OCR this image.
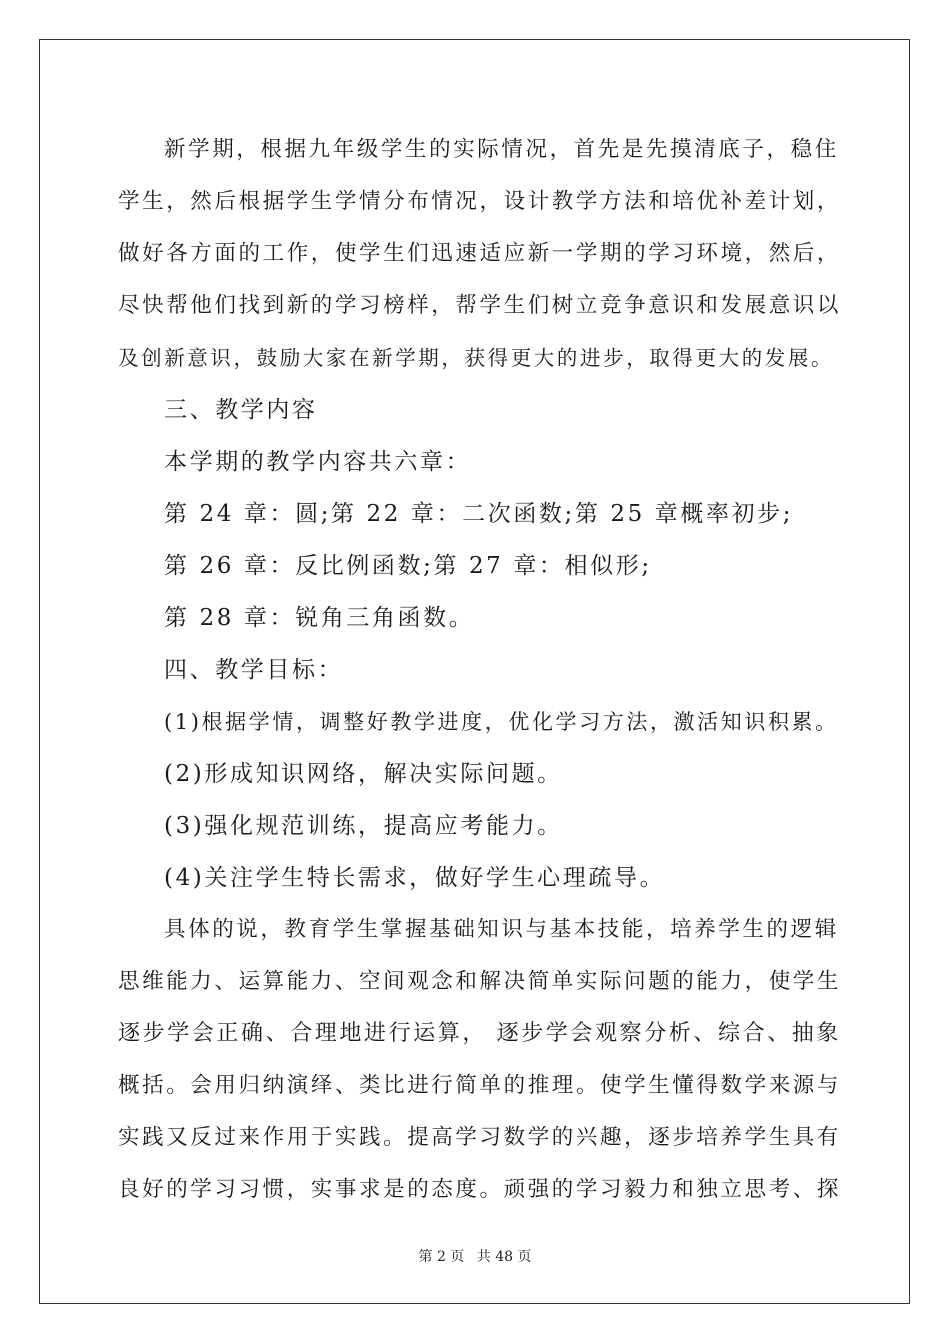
新学期，根据九年级学生的实际情况，首先是先摸清底子，稳住
学生，然后根据学生学情分布情况，设计教学方法和培优补差计划，
做好各方面的工作，使学生们迅速适应新一学期的学习环境，然后，
尽快帮他们找到新的学习榜样，帮学生们树立竞争意识和发展意识以
及创新意识，鼓励大家在新学期，获得更大的进步，取得更大的发展。
三、教学内容
本学期的教学内容共六章：
第 24 章：圆;第 22 章：二次函数;第 25 章概率初步;
第 26 章：反比例函数;第 27 章：相似形;
第 28 章：锐角三角函数。
四、教学目标：
(1)根据学情，调整好教学进度，优化学习方法，激活知识积累。
(2)形成知识网络，解决实际问题。
(3)强化规范训练，提高应考能力。
(4)关注学生特长需求，做好学生心理疏导。
具体的说，教育学生掌握基础知识与基本技能，培养学生的逻辑
思维能力、运算能力、空间观念和解决简单实际问题的能力，使学生
逐步学会正确、合理地进行运算， 逐步学会观察分析、综合、抽象
概括。会用归纳演绎、类比进行简单的推理。使学生懂得数学来源与
实践又反过来作用于实践。提高学习数学的兴趣，逐步培养学生具有
良好的学习习惯，实事求是的态度。顽强的学习毅力和独立思考、探
第 2 页 共 48 页
